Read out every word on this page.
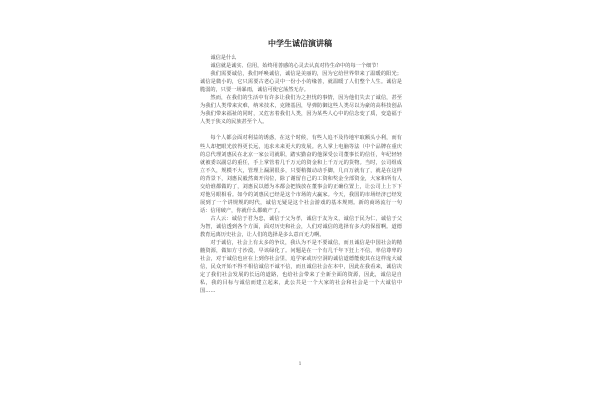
中学生诚信演讲稿

诚信是什么

诚信就是诚实、信用，始终用善感的心灵去认真对待生命中的每一个细节！

我们需要诚信，我们呼唤诚信，诚信是美丽的，因为它给世界带来了温暖的阳光；诚信是微小的，它只需要古老心灵中一份小小的缘善，就温暖了人们整个人生。诚信是脆弱的，只要一场暴雨，诚信可使它荡然无存。

然而，在我们的生活中有许多让我们为之担忧的事情，因为他们失去了诚信，甚至为我们人类带来灾难，纳米技术，克隆基因，导弹防御这些人类尽以为豪的高科技创品为我们带来福祉的同时，又危害着我们人类，因为某些人心中的信念变了质，变造福于人类于狭义的民族甚至个人。

每个人都会面对利益的诱惑，在这个时候，有些人追不及待地牢取额头小利，而有些人却把眼光放得更长远，追求未来更大的发展。名人掌上电脑等法（中个品牌在重庆的总代理刘惠民在北京一家公司就职，踏实勤奋的他深受公司董事长的信任，年纪轻轻就被委以副总的重任，手上掌管着几千万元的资金和上千万元的货物。当时，公司组成立不久，规模不大，管理上漏洞很多，只要稍微动动手脚，几百万就有了，就是在这样的背景下，刘惠民毅然离开岗位，除了谢留自己的工资和奖金全部资金，大家和所有人交给谁都做的了，刘惠民以德为本都会把钱放在董事会的正确位置上，让公司上上下下对他另眼相看。如今的刘惠民已经是这个市场的大赢家。今天，我国的市场经济已经发展到了一个讲规规的时代，诚信无疑是这个社会游戏的基本规则。新的商场流行一句话：信用破产，你就什么都破产了。

古人云：诚信于君为忠，诚信于父为孝，诚信于友为义，诚信于民为仁，诚信于父为智，诚信透到各个方面，面对历史和社会，人们对诚信的选择有多大的保留啊。道德教育远离历史社会，让人们的选择是多么意百无力啊。

对于诚信，社会上有太多的争议，我认为不是不要诚信，而且诚信是中国社会的精髓资源，做如方寸沙漠，早该绿化了。问题是在一个有几千年下狂上不信，率信尊卑的社会，对于诚信也应在上到你社会里，追学家或历空洞的诚信道德能使其在这样庞大诚信，民众开始不得不相信诚信不诚不信，而且诚信社会在本中，因此在我看来，诚信决定了我们社会发展的长远的道路，也给社会带来了全新全面的资源，因此，诚信是自私，我的目标与诚信而建立起来，此公共是一个大家的社会和社会是一个大诚信中国……

1
